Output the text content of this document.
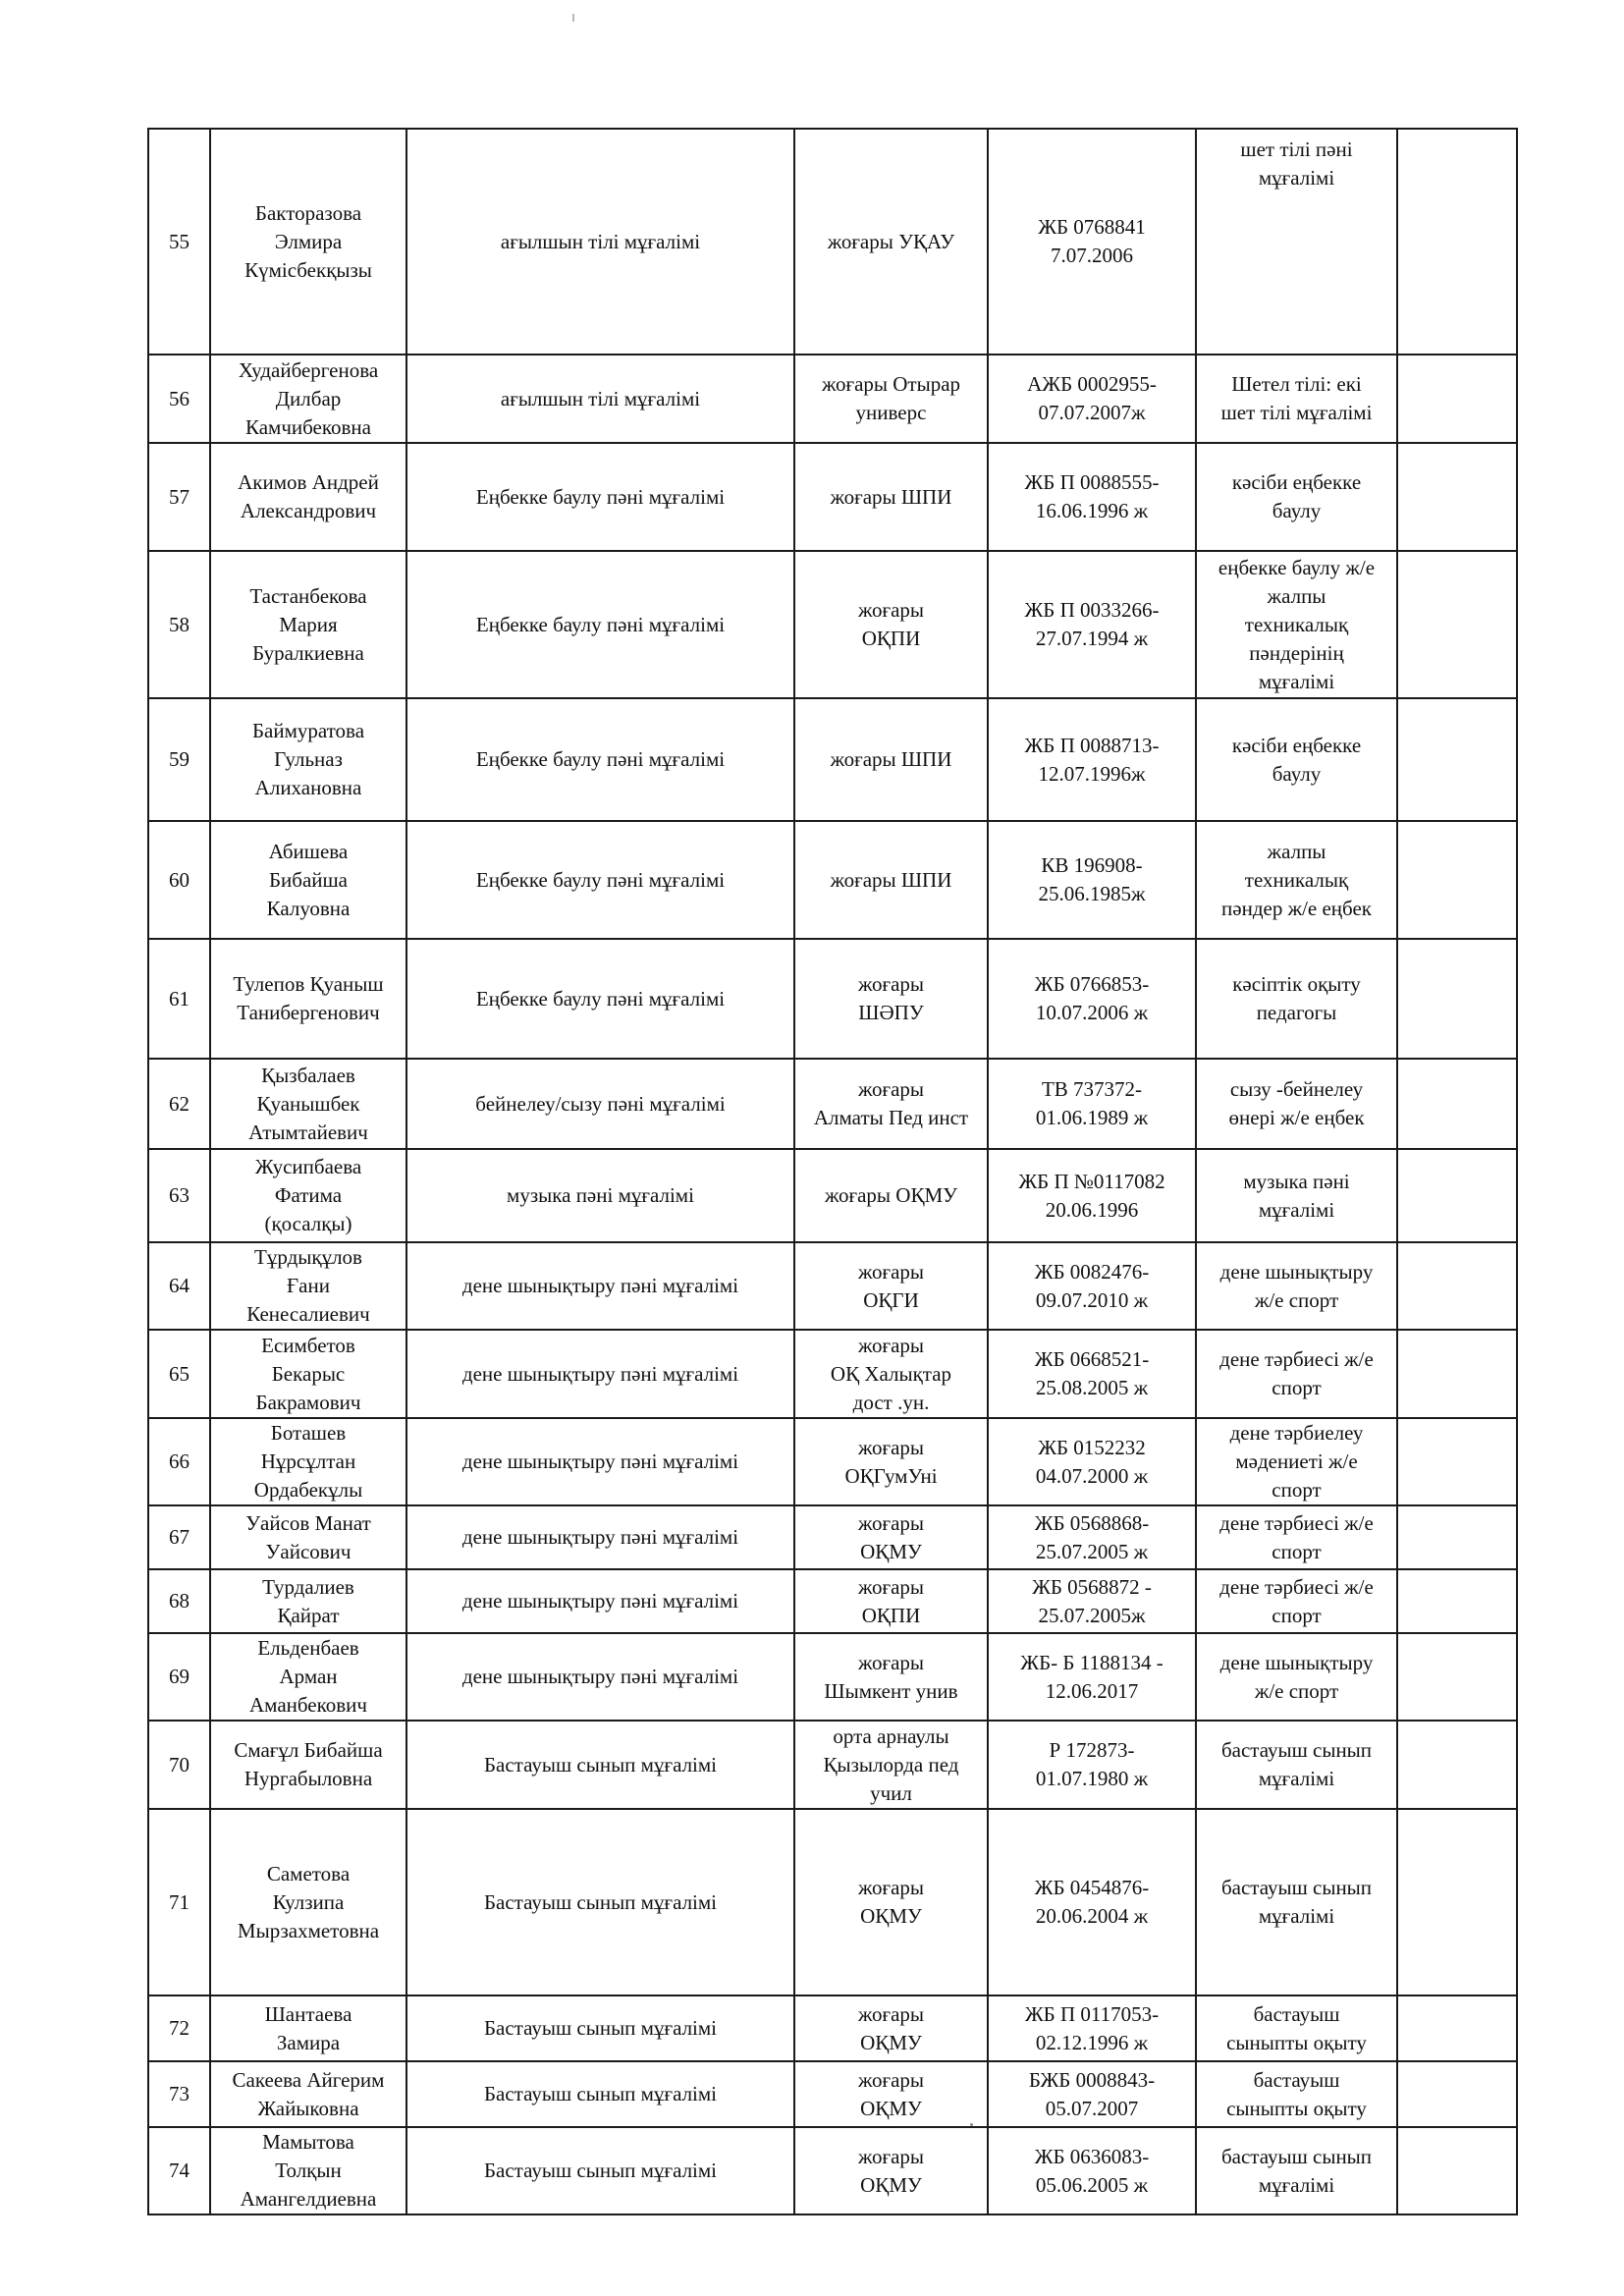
55	Бакторазова
Элмира
Күмісбекқызы	ағылшын тілі мұғалімі	жоғары УҚАУ	ЖБ 0768841
7.07.2006	шет тілі пәні
мұғалімі	
56	Худайбергенова
Дилбар
Камчибековна	ағылшын тілі мұғалімі	жоғары Отырар
универс	АЖБ 0002955-
07.07.2007ж	Шетел тілі: екі
шет тілі мұғалімі	
57	Акимов Андрей
Александрович	Еңбекке баулу пәні мұғалімі	жоғары ШПИ	ЖБ П 0088555-
16.06.1996 ж	кәсіби еңбекке
баулу	
58	Тастанбекова
Мария
Буралкиевна	Еңбекке баулу пәні мұғалімі	жоғары
ОҚПИ	ЖБ П 0033266-
27.07.1994 ж	еңбекке баулу ж/е
жалпы
техникалық
пәндерінің
мұғалімі	
59	Баймуратова
Гульназ
Алихановна	Еңбекке баулу пәні мұғалімі	жоғары ШПИ	ЖБ П 0088713-
12.07.1996ж	кәсіби еңбекке
баулу	
60	Абишева
Бибайша
Калуовна	Еңбекке баулу пәні мұғалімі	жоғары ШПИ	КВ 196908-
25.06.1985ж	жалпы
техникалық
пәндер ж/е еңбек	
61	Тулепов Қуаныш
Танибергенович	Еңбекке баулу пәні мұғалімі	жоғары
ШӘПУ	ЖБ 0766853-
10.07.2006 ж	кәсіптік оқыту
педагогы	
62	Қызбалаев
Қуанышбек
Атымтайевич	бейнелеу/сызу пәні мұғалімі	жоғары
Алматы Пед инст	ТВ 737372-
01.06.1989 ж	сызу -бейнелеу
өнері ж/е еңбек	
63	Жусипбаева
Фатима
(қосалқы)	музыка пәні мұғалімі	жоғары ОҚМУ	ЖБ П №0117082
20.06.1996	музыка пәні
мұғалімі	
64	Тұрдықұлов
Ғани
Кенесалиевич	дене шынықтыру пәні мұғалімі	жоғары
ОҚГИ	ЖБ 0082476-
09.07.2010 ж	дене шынықтыру
ж/е спорт	
65	Есимбетов
Бекарыс
Бакрамович	дене шынықтыру пәні мұғалімі	жоғары
ОҚ Халықтар
дост .ун.	ЖБ 0668521-
25.08.2005 ж	дене тәрбиесі ж/е
спорт	
66	Боташев
Нұрсұлтан
Ордабекұлы	дене шынықтыру пәні мұғалімі	жоғары
ОҚГумУні	ЖБ 0152232
04.07.2000 ж	дене тәрбиелеу
мәдениеті ж/е
спорт	
67	Уайсов Манат
Уайсович	дене шынықтыру пәні мұғалімі	жоғары
ОҚМУ	ЖБ 0568868-
25.07.2005 ж	дене тәрбиесі ж/е
спорт	
68	Турдалиев
Қайрат	дене шынықтыру пәні мұғалімі	жоғары
ОҚПИ	ЖБ 0568872 -
25.07.2005ж	дене тәрбиесі ж/е
спорт	
69	Ельденбаев
Арман
Аманбекович	дене шынықтыру пәні мұғалімі	жоғары
Шымкент унив	ЖБ- Б 1188134 -
12.06.2017	дене шынықтыру
ж/е спорт	
70	Смағұл Бибайша
Нургабыловна	Бастауыш сынып мұғалімі	орта арнаулы
Қызылорда пед
учил	Р 172873-
01.07.1980 ж	бастауыш сынып
мұғалімі	
71	Саметова
Кулзипа
Мырзахметовна	Бастауыш сынып мұғалімі	жоғары
ОҚМУ	ЖБ 0454876-
20.06.2004 ж	бастауыш сынып
мұғалімі	
72	Шантаева
Замира	Бастауыш сынып мұғалімі	жоғары
ОҚМУ	ЖБ П 0117053-
02.12.1996 ж	бастауыш
сыныпты оқыту	
73	Сакеева Айгерим
Жайыковна	Бастауыш сынып мұғалімі	жоғары
ОҚМУ	БЖБ 0008843-
05.07.2007	бастауыш
сыныпты оқыту	
74	Мамытова
Толқын
Амангелдиевна	Бастауыш сынып мұғалімі	жоғары
ОҚМУ	ЖБ 0636083-
05.06.2005 ж	бастауыш сынып
мұғалімі	
